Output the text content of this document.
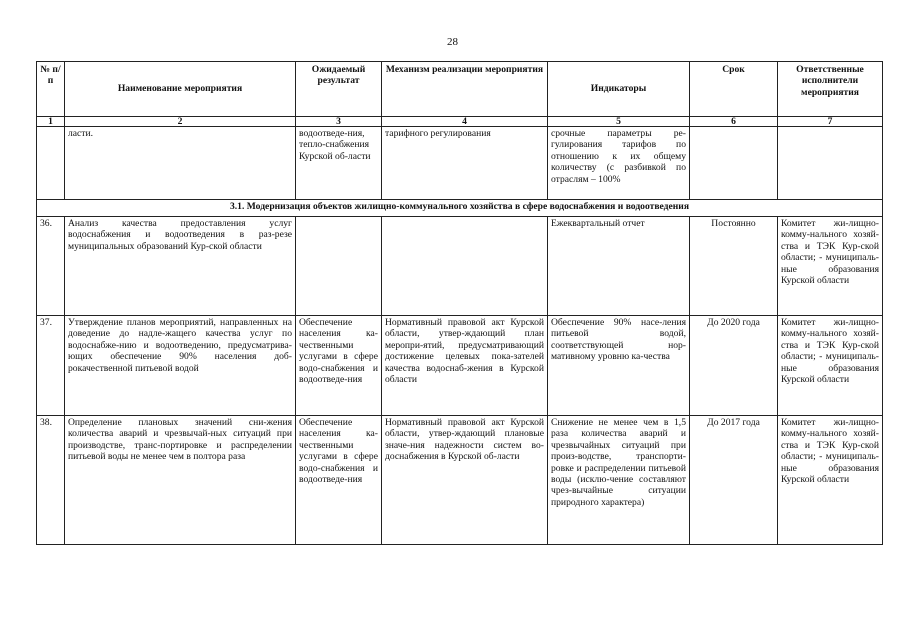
28
№ п/п	Наименование мероприятия	Ожидаемый результат	Механизм реализации мероприятия	Индикаторы	Срок	Ответственные исполнители мероприятия
1	2	3	4	5	6	7
	ласти.	водоотведе-ния, тепло-снабжения Курской об-ласти	тарифного регулирования	срочные параметры ре-гулирования тарифов по отношению к их общему количеству (с разбивкой по отраслям – 100%		
3.1. Модернизация объектов жилищно-коммунального хозяйства в сфере водоснабжения и водоотведения						
36.	Анализ качества предоставления услуг водоснабжения и водоотведения в раз-резе муниципальных образований Кур-ской области			Ежеквартальный отчет	Постоянно	Комитет жи-лищно-комму-нального хозяй-ства и ТЭК Кур-ской области; - муниципаль-ные образования Курской области
37.	Утверждение планов мероприятий, направленных на доведение до надле-жащего качества услуг по водоснабже-нию и водоотведению, предусматрива-ющих обеспечение 90% населения доб-рокачественной питьевой водой	Обеспечение населения ка-чественными услугами в сфере водо-снабжения и водоотведе-ния	Нормативный правовой акт Курской области, утвер-ждающий план меропри-ятий, предусматривающий достижение целевых пока-зателей качества водоснаб-жения в Курской области	Обеспечение 90% насе-ления питьевой водой, соответствующей нор-мативному уровню ка-чества	До 2020 года	Комитет жи-лищно-комму-нального хозяй-ства и ТЭК Кур-ской области; - муниципаль-ные образования Курской области
38.	Определение плановых значений сни-жения количества аварий и чрезвычай-ных ситуаций при производстве, транс-портировке и распределении питьевой воды не менее чем в полтора раза	Обеспечение населения ка-чественными услугами в сфере водо-снабжения и водоотведе-ния	Нормативный правовой акт Курской области, утвер-ждающий плановые значе-ния надежности систем во-доснабжения в Курской об-ласти	Снижение не менее чем в 1,5 раза количества аварий и чрезвычайных ситуаций при произ-водстве, транспорти-ровке и распределении питьевой воды (исклю-чение составляют чрез-вычайные ситуации природного характера)	До 2017 года	Комитет жи-лищно-комму-нального хозяй-ства и ТЭК Кур-ской области; - муниципаль-ные образования Курской области
